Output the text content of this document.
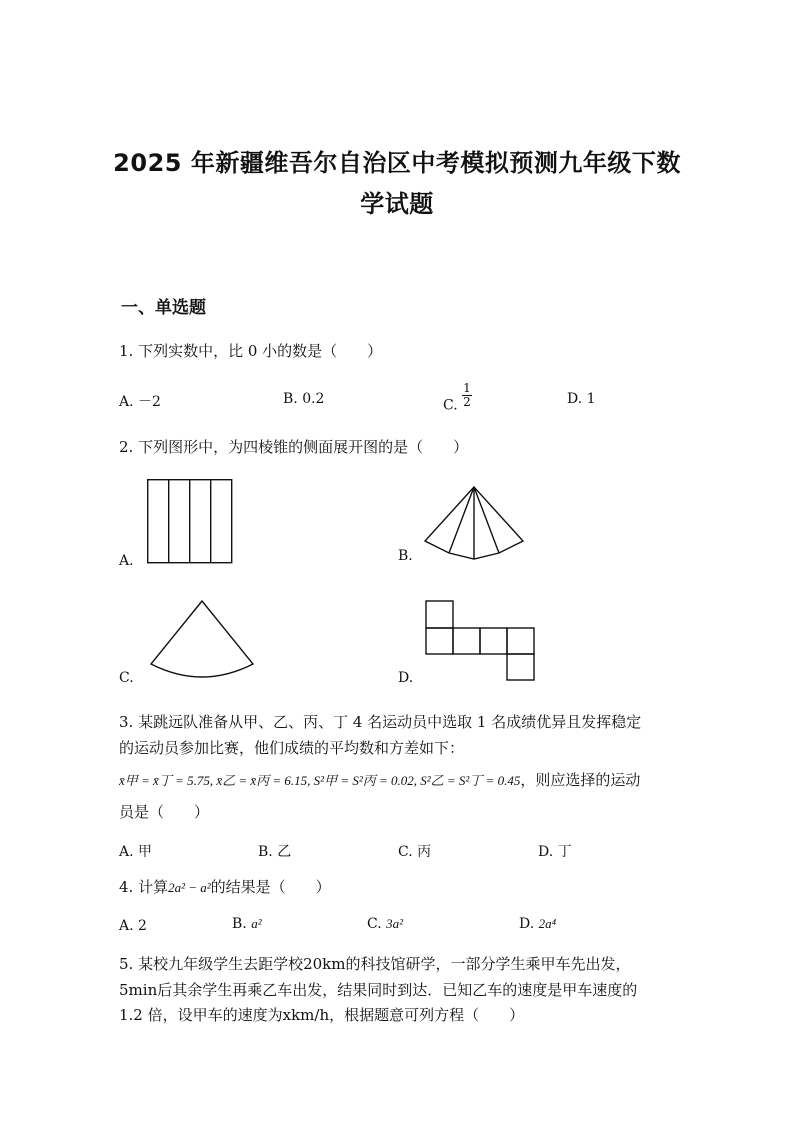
2025 年新疆维吾尔自治区中考模拟预测九年级下数
学试题
一、单选题
1. 下列实数中，比 0 小的数是（　　）
A. －2	B. 0.2	C. $\frac{1}{2}$	D. 1
2. 下列图形中，为四棱锥的侧面展开图的是（　　）
A.	B.
C.	D.
3. 某跳远队准备从甲、乙、丙、丁 4 名运动员中选取 1 名成绩优异且发挥稳定
的运动员参加比赛，他们成绩的平均数和方差如下：
x̄甲 = x̄丁 = 5.75, x̄乙 = x̄丙 = 6.15, S²甲 = S²丙 = 0.02, S²乙 = S²丁 = 0.45，则应选择的运动
员是（　　）
A. 甲	B. 乙	C. 丙	D. 丁
4. 计算2a² − a²的结果是（　　）
A. 2	B. a²	C. 3a²	D. 2a⁴
5. 某校九年级学生去距学校20km的科技馆研学，一部分学生乘甲车先出发，
5min后其余学生再乘乙车出发，结果同时到达．已知乙车的速度是甲车速度的
1.2 倍，设甲车的速度为xkm/h，根据题意可列方程（　　）
